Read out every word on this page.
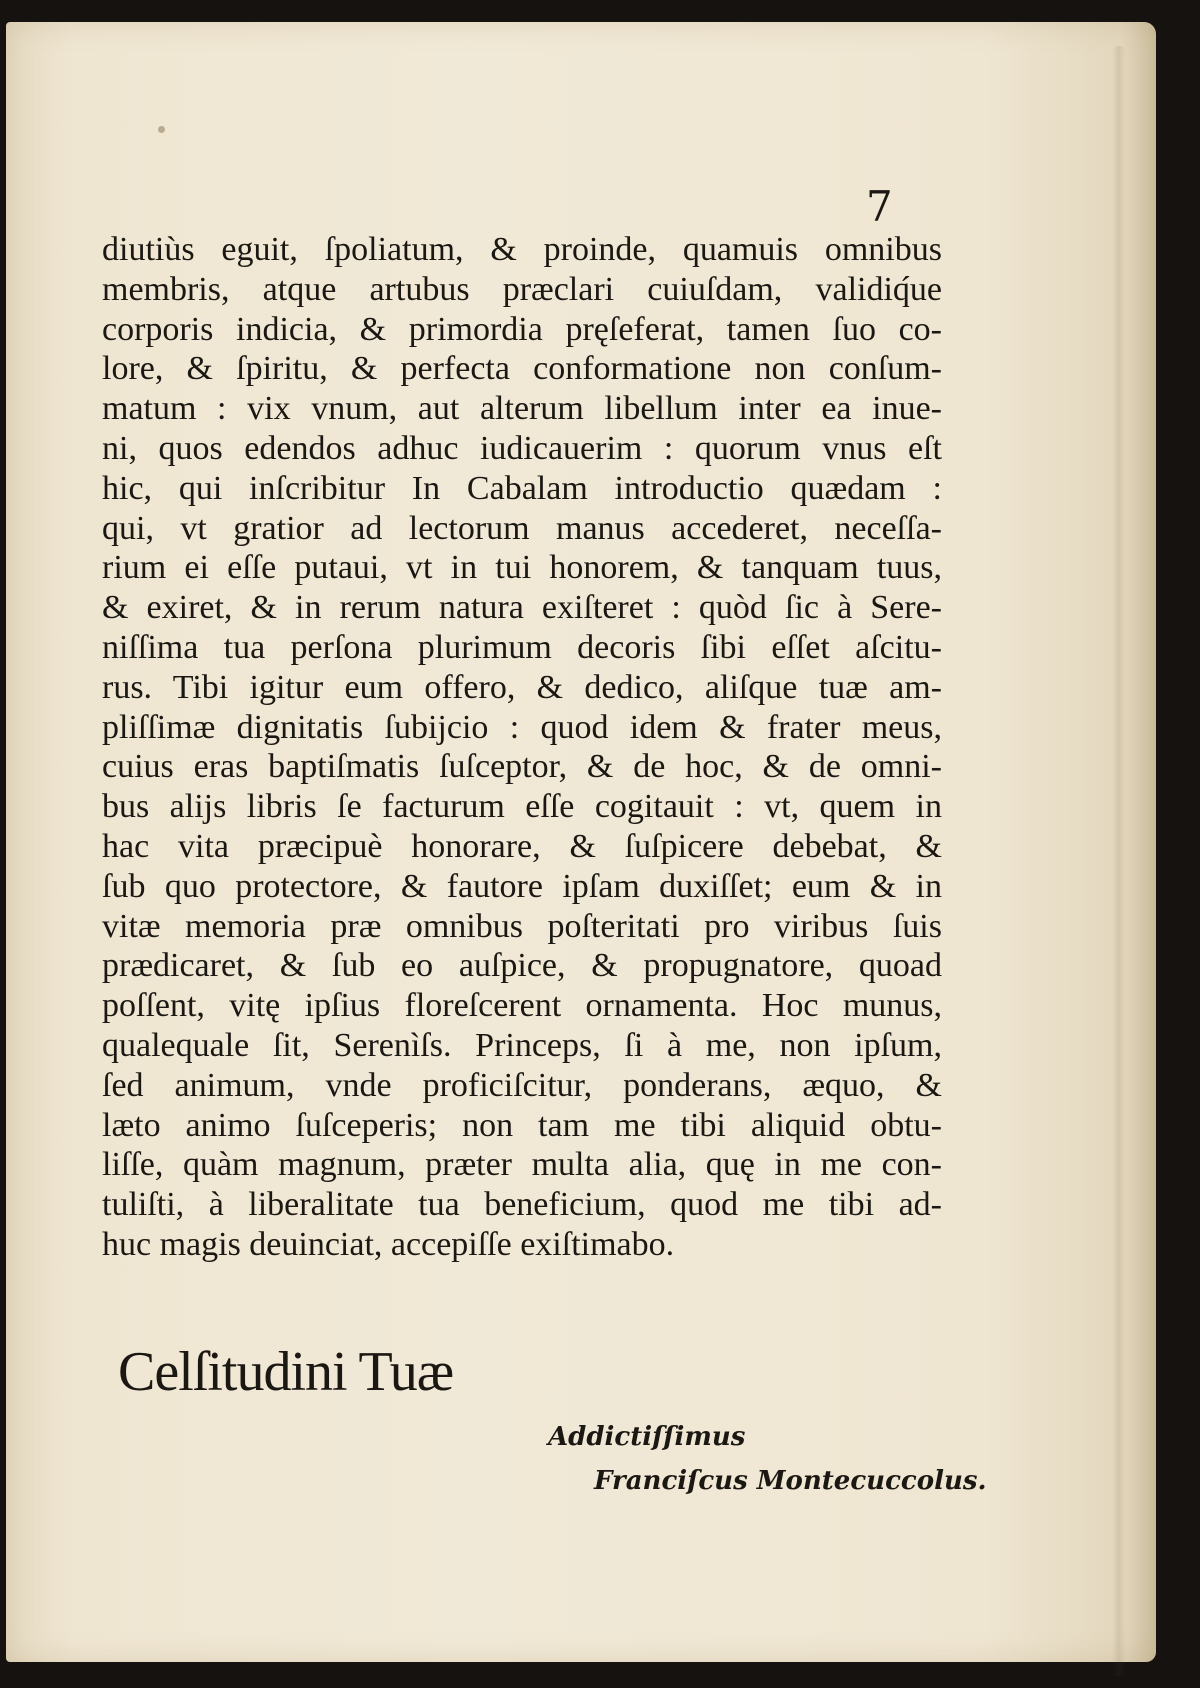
7
diutiùs eguit, ſpoliatum, & proinde, quamuis omnibus
membris, atque artubus præclari cuiuſdam, validiq́ue
corporis indicia, & primordia pręſeferat, tamen ſuo co-
lore, & ſpiritu, & perfecta conformatione non conſum-
matum : vix vnum, aut alterum libellum inter ea inue-
ni, quos edendos adhuc iudicauerim : quorum vnus eſt
hic, qui inſcribitur In Cabalam introductio quædam :
qui, vt gratior ad lectorum manus accederet, neceſſa-
rium ei eſſe putaui, vt in tui honorem, & tanquam tuus,
& exiret, & in rerum natura exiſteret : quòd ſic à Sere-
niſſima tua perſona plurimum decoris ſibi eſſet aſcitu-
rus. Tibi igitur eum offero, & dedico, aliſque tuæ am-
pliſſimæ dignitatis ſubijcio : quod idem & frater meus,
cuius eras baptiſmatis ſuſceptor, & de hoc, & de omni-
bus alijs libris ſe facturum eſſe cogitauit : vt, quem in
hac vita præcipuè honorare, & ſuſpicere debebat, &
ſub quo protectore, & fautore ipſam duxiſſet; eum & in
vitæ memoria præ omnibus poſteritati pro viribus ſuis
prædicaret, & ſub eo auſpice, & propugnatore, quoad
poſſent, vitę ipſius floreſcerent ornamenta. Hoc munus,
qualequale ſit, Serenìſs. Princeps, ſi à me, non ipſum,
ſed animum, vnde proficiſcitur, ponderans, æquo, &
læto animo ſuſceperis; non tam me tibi aliquid obtu-
liſſe, quàm magnum, præter multa alia, quę in me con-
tuliſti, à liberalitate tua beneficium, quod me tibi ad-
huc magis deuinciat, accepiſſe exiſtimabo.
Celſitudini Tuæ
Addictiſſimus
Franciſcus Montecuccolus.
